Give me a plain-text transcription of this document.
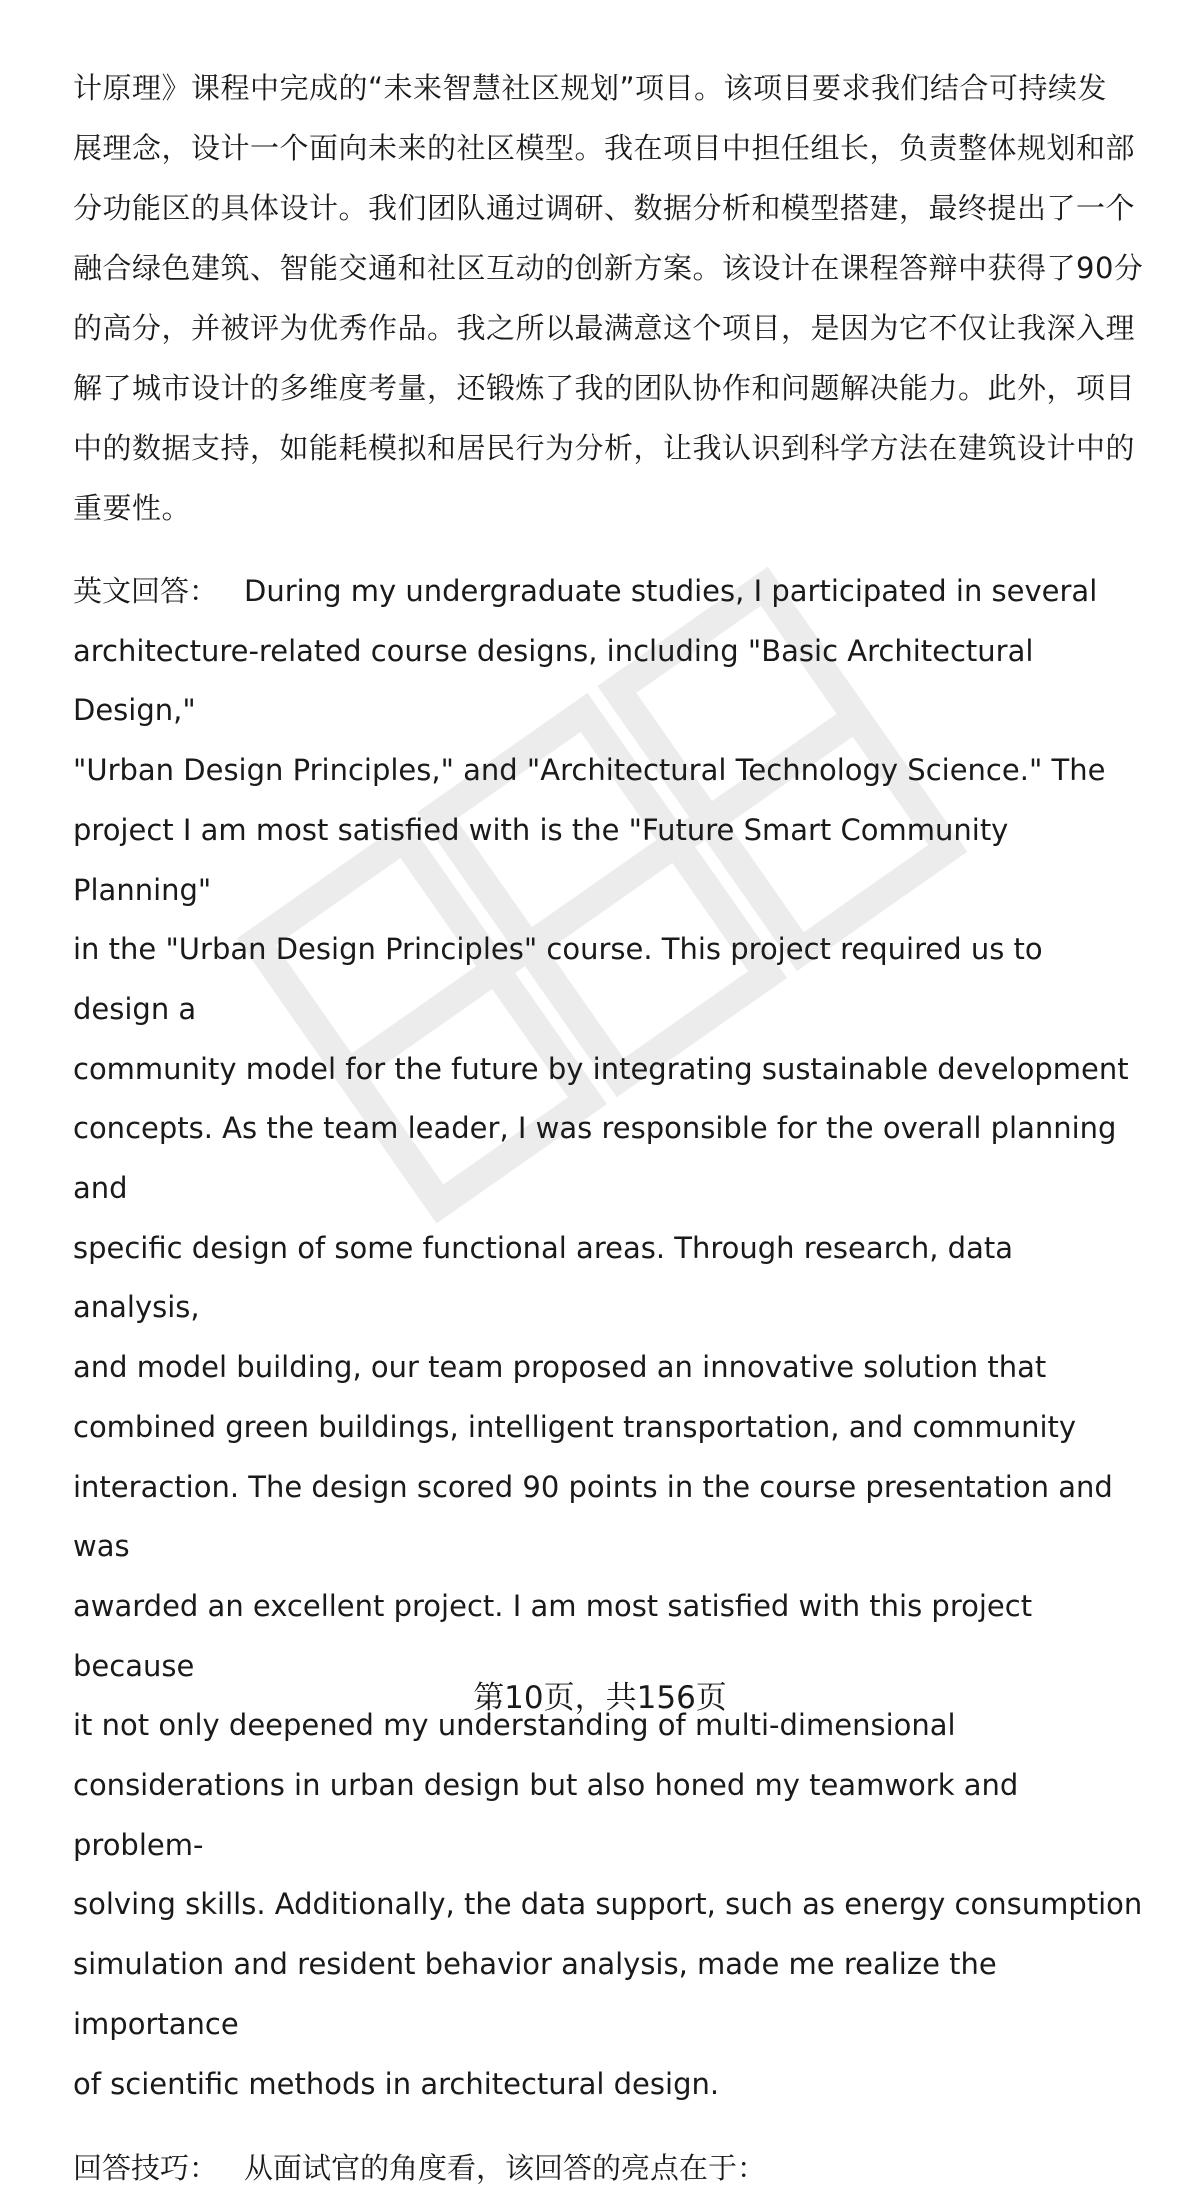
计原理》课程中完成的“未来智慧社区规划”项目。该项目要求我们结合可持续发
展理念，设计一个面向未来的社区模型。我在项目中担任组长，负责整体规划和部
分功能区的具体设计。我们团队通过调研、数据分析和模型搭建，最终提出了一个
融合绿色建筑、智能交通和社区互动的创新方案。该设计在课程答辩中获得了90分
的高分，并被评为优秀作品。我之所以最满意这个项目，是因为它不仅让我深入理
解了城市设计的多维度考量，还锻炼了我的团队协作和问题解决能力。此外，项目
中的数据支持，如能耗模拟和居民行为分析，让我认识到科学方法在建筑设计中的
重要性。

英文回答： During my undergraduate studies, I participated in several
architecture-related course designs, including "Basic Architectural Design,"
"Urban Design Principles," and "Architectural Technology Science." The
project I am most satisfied with is the "Future Smart Community Planning"
in the "Urban Design Principles" course. This project required us to design a
community model for the future by integrating sustainable development
concepts. As the team leader, I was responsible for the overall planning and
specific design of some functional areas. Through research, data analysis,
and model building, our team proposed an innovative solution that
combined green buildings, intelligent transportation, and community
interaction. The design scored 90 points in the course presentation and was
awarded an excellent project. I am most satisfied with this project because
it not only deepened my understanding of multi-dimensional
considerations in urban design but also honed my teamwork and problem-
solving skills. Additionally, the data support, such as energy consumption
simulation and resident behavior analysis, made me realize the importance
of scientific methods in architectural design.

回答技巧： 从面试官的角度看，该回答的亮点在于：

第10页，共156页
